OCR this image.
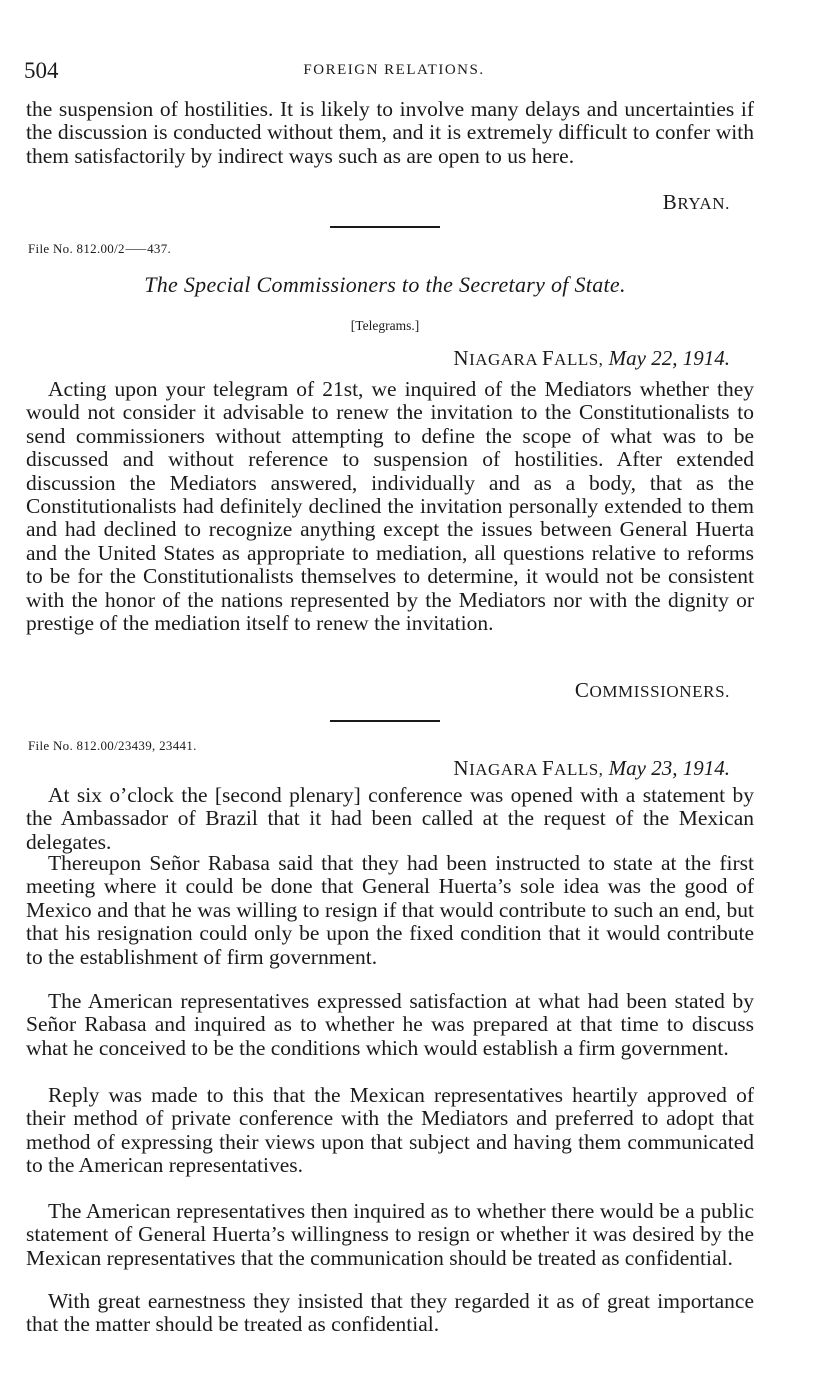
504	FOREIGN RELATIONS.

the suspension of hostilities. It is likely to involve many delays and uncertainties if the discussion is conducted without them, and it is extremely difficult to confer with them satisfactorily by indirect ways such as are open to us here.

BRYAN.
File No. 812.00/2⸺437.
The Special Commissioners to the Secretary of State.
[Telegrams.]
NIAGARA FALLS, May 22, 1914.

Acting upon your telegram of 21st, we inquired of the Mediators whether they would not consider it advisable to renew the invitation to the Constitutionalists to send commissioners without attempting to define the scope of what was to be discussed and without reference to suspension of hostilities. After extended discussion the Mediators answered, individually and as a body, that as the Constitutionalists had definitely declined the invitation personally extended to them and had declined to recognize anything except the issues between General Huerta and the United States as appropriate to mediation, all questions relative to reforms to be for the Constitutionalists themselves to determine, it would not be consistent with the honor of the nations represented by the Mediators nor with the dignity or prestige of the mediation itself to renew the invitation.

COMMISSIONERS.
File No. 812.00/23439, 23441.
NIAGARA FALLS, May 23, 1914.

At six o’clock the [second plenary] conference was opened with a statement by the Ambassador of Brazil that it had been called at the request of the Mexican delegates.

Thereupon Señor Rabasa said that they had been instructed to state at the first meeting where it could be done that General Huerta’s sole idea was the good of Mexico and that he was willing to resign if that would contribute to such an end, but that his resignation could only be upon the fixed condition that it would contribute to the establishment of firm government.

The American representatives expressed satisfaction at what had been stated by Señor Rabasa and inquired as to whether he was prepared at that time to discuss what he conceived to be the conditions which would establish a firm government.

Reply was made to this that the Mexican representatives heartily approved of their method of private conference with the Mediators and preferred to adopt that method of expressing their views upon that subject and having them communicated to the American representatives.

The American representatives then inquired as to whether there would be a public statement of General Huerta’s willingness to resign or whether it was desired by the Mexican representatives that the communication should be treated as confidential.

With great earnestness they insisted that they regarded it as of great importance that the matter should be treated as confidential.
